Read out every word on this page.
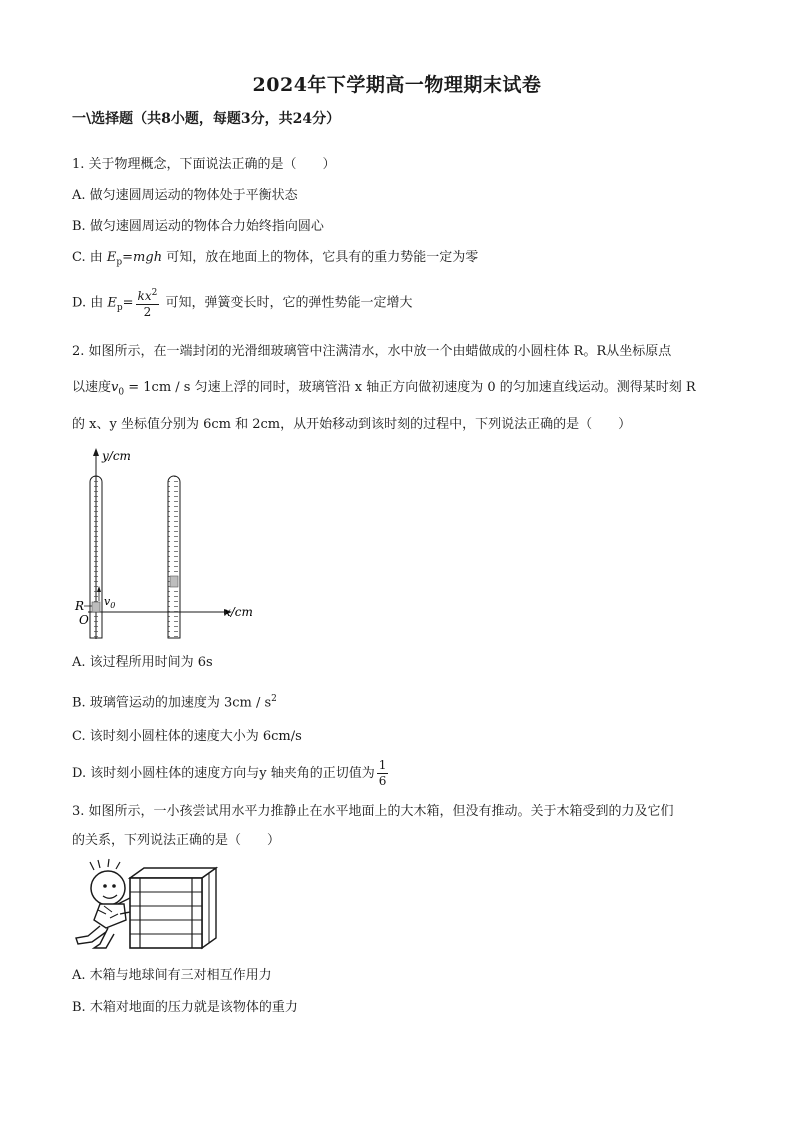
2024年下学期高一物理期末试卷
一\选择题（共8小题，每题3分，共24分）
1. 关于物理概念，下面说法正确的是（　　）
A. 做匀速圆周运动的物体处于平衡状态
B. 做匀速圆周运动的物体合力始终指向圆心
C. 由 $E_p=mgh$ 可知，放在地面上的物体，它具有的重力势能一定为零
D. 由 $E_p= \frac{kx^2}{2}$ 可知，弹簧变长时，它的弹性势能一定增大
2. 如图所示，在一端封闭的光滑细玻璃管中注满清水，水中放一个由蜡做成的小圆柱体 R。R从坐标原点
以速度$v_0 = 1cm / s$ 匀速上浮的同时，玻璃管沿 x 轴正方向做初速度为 0 的匀加速直线运动。测得某时刻 R
的 x、y 坐标值分别为 6cm 和 2cm，从开始移动到该时刻的过程中，下列说法正确的是（　　）
y/cm
x/cm
$v_0$
R
O
A. 该过程所用时间为 6s
B. 玻璃管运动的加速度为 $3cm / s^2$
C. 该时刻小圆柱体的速度大小为 6cm/s
D. 该时刻小圆柱体的速度方向与y 轴夹角的正切值为 $\frac{1}{6}$
3. 如图所示，一小孩尝试用水平力推静止在水平地面上的大木箱，但没有推动。关于木箱受到的力及它们
的关系，下列说法正确的是（　　）
A. 木箱与地球间有三对相互作用力
B. 木箱对地面的压力就是该物体的重力
